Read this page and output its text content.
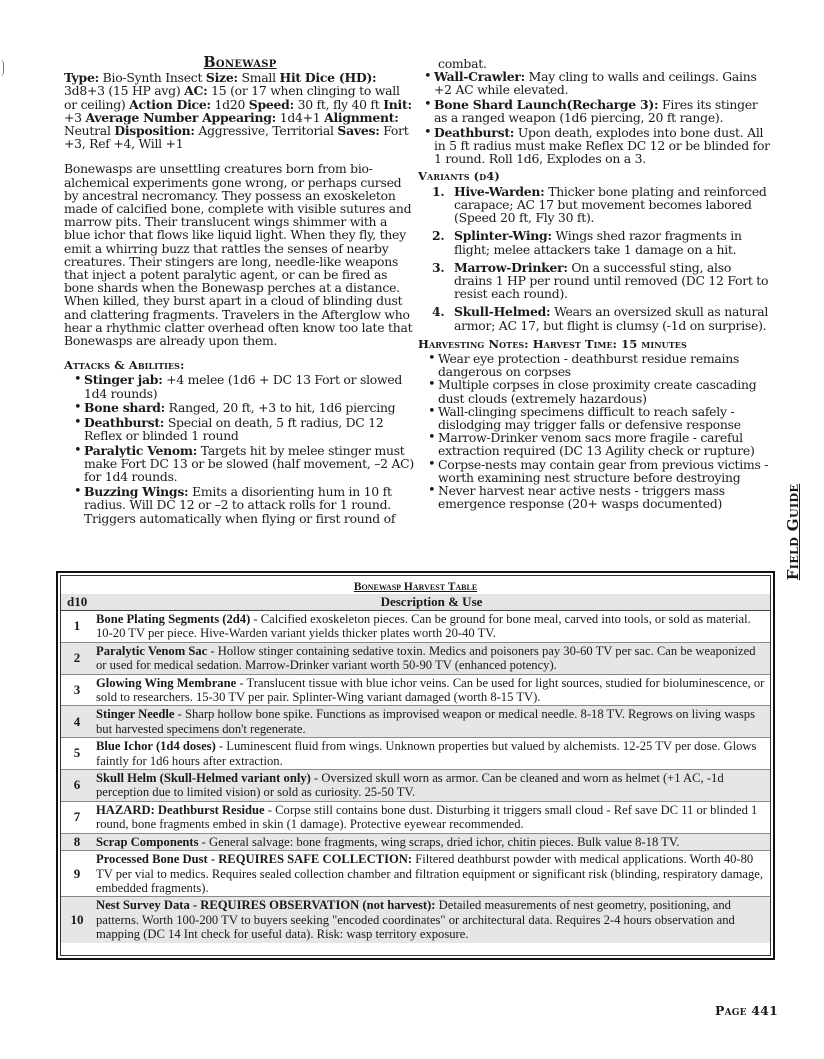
Bonewasp
Type: Bio-Synth Insect Size: Small Hit Dice (HD): 3d8+3 (15 HP avg) AC: 15 (or 17 when clinging to wall or ceiling) Action Dice: 1d20 Speed: 30 ft, fly 40 ft Init: +3 Average Number Appearing: 1d4+1 Alignment: Neutral Disposition: Aggressive, Territorial Saves: Fort +3, Ref +4, Will +1
Bonewasps are unsettling creatures born from bio-alchemical experiments gone wrong, or perhaps cursed by ancestral necromancy. They possess an exoskeleton made of calcified bone, complete with visible sutures and marrow pits. Their translucent wings shimmer with a blue ichor that flows like liquid light. When they fly, they emit a whirring buzz that rattles the senses of nearby creatures. Their stingers are long, needle-like weapons that inject a potent paralytic agent, or can be fired as bone shards when the Bonewasp perches at a distance. When killed, they burst apart in a cloud of blinding dust and clattering fragments. Travelers in the Afterglow who hear a rhythmic clatter overhead often know too late that Bonewasps are already upon them.
Attacks & Abilities:
• Stinger jab: +4 melee (1d6 + DC 13 Fort or slowed 1d4 rounds)
• Bone shard: Ranged, 20 ft, +3 to hit, 1d6 piercing
• Deathburst: Special on death, 5 ft radius, DC 12 Reflex or blinded 1 round
• Paralytic Venom: Targets hit by melee stinger must make Fort DC 13 or be slowed (half movement, –2 AC) for 1d4 rounds.
• Buzzing Wings: Emits a disorienting hum in 10 ft radius. Will DC 12 or –2 to attack rolls for 1 round. Triggers automatically when flying or first round of
combat.
• Wall-Crawler: May cling to walls and ceilings. Gains +2 AC while elevated.
• Bone Shard Launch(Recharge 3): Fires its stinger as a ranged weapon (1d6 piercing, 20 ft range).
• Deathburst: Upon death, explodes into bone dust. All in 5 ft radius must make Reflex DC 12 or be blinded for 1 round. Roll 1d6, Explodes on a 3.
Variants (d4)
1. Hive-Warden: Thicker bone plating and reinforced carapace; AC 17 but movement becomes labored (Speed 20 ft, Fly 30 ft).
2. Splinter-Wing: Wings shed razor fragments in flight; melee attackers take 1 damage on a hit.
3. Marrow-Drinker: On a successful sting, also drains 1 HP per round until removed (DC 12 Fort to resist each round).
4. Skull-Helmed: Wears an oversized skull as natural armor; AC 17, but flight is clumsy (-1d on surprise).
Harvesting Notes: Harvest Time: 15 minutes
• Wear eye protection - deathburst residue remains dangerous on corpses
• Multiple corpses in close proximity create cascading dust clouds (extremely hazardous)
• Wall-clinging specimens difficult to reach safely - dislodging may trigger falls or defensive response
• Marrow-Drinker venom sacs more fragile - careful extraction required (DC 13 Agility check or rupture)
• Corpse-nests may contain gear from previous victims - worth examining nest structure before destroying
• Never harvest near active nests - triggers mass emergence response (20+ wasps documented)	Field Guide
Bonewasp Harvest Table	
d10	Description & Use
1	Bone Plating Segments (2d4) - Calcified exoskeleton pieces. Can be ground for bone meal, carved into tools, or sold as material. 10-20 TV per piece. Hive-Warden variant yields thicker plates worth 20-40 TV.
2	Paralytic Venom Sac - Hollow stinger containing sedative toxin. Medics and poisoners pay 30-60 TV per sac. Can be weaponized or used for medical sedation. Marrow-Drinker variant worth 50-90 TV (enhanced potency).
3	Glowing Wing Membrane - Translucent tissue with blue ichor veins. Can be used for light sources, studied for bioluminescence, or sold to researchers. 15-30 TV per pair. Splinter-Wing variant damaged (worth 8-15 TV).
4	Stinger Needle - Sharp hollow bone spike. Functions as improvised weapon or medical needle. 8-18 TV. Regrows on living wasps but harvested specimens don't regenerate.
5	Blue Ichor (1d4 doses) - Luminescent fluid from wings. Unknown properties but valued by alchemists. 12-25 TV per dose. Glows faintly for 1d6 hours after extraction.
6	Skull Helm (Skull-Helmed variant only) - Oversized skull worn as armor. Can be cleaned and worn as helmet (+1 AC, -1d perception due to limited vision) or sold as curiosity. 25-50 TV.
7	HAZARD: Deathburst Residue - Corpse still contains bone dust. Disturbing it triggers small cloud - Ref save DC 11 or blinded 1 round, bone fragments embed in skin (1 damage). Protective eyewear recommended.
8	Scrap Components - General salvage: bone fragments, wing scraps, dried ichor, chitin pieces. Bulk value 8-18 TV.
9	Processed Bone Dust - REQUIRES SAFE COLLECTION: Filtered deathburst powder with medical applications. Worth 40-80 TV per vial to medics. Requires sealed collection chamber and filtration equipment or significant risk (blinding, respiratory damage, embedded fragments).
10	Nest Survey Data - REQUIRES OBSERVATION (not harvest): Detailed measurements of nest geometry, positioning, and patterns. Worth 100-200 TV to buyers seeking "encoded coordinates" or architectural data. Requires 2-4 hours observation and mapping (DC 14 Int check for useful data). Risk: wasp territory exposure.
Page 441
